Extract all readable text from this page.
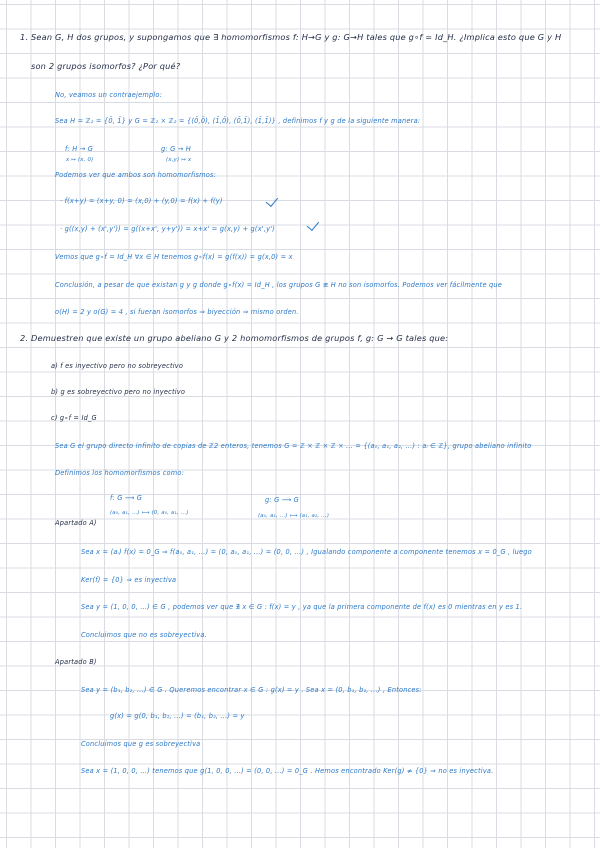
1. Sean G, H dos grupos, y supongamos que ∃ homomorfismos f: H→G y g: G→H tales que g∘f = Id_H. ¿Implica esto que G y H
son 2 grupos isomorfos? ¿Por qué?
No, veamos un contraejemplo:
Sea H = ℤ₂ = {0̄, 1̄} y G = ℤ₂ × ℤ₂ = {(0̄,0̄), (1̄,0̄), (0̄,1̄), (1̄,1̄)} , definimos f y g de la siguiente manera:
f: H → G
x ↦ (x, 0)
g: G → H
(x,y) ↦ x
Podemos ver que ambos son homomorfismos:
· f(x+y) = (x+y, 0) = (x,0) + (y,0) = f(x) + f(y)
· g((x,y) + (x',y')) = g((x+x', y+y')) = x+x' = g(x,y) + g(x',y')
Vemos que g∘f = Id_H ∀x ∈ H tenemos g∘f(x) = g(f(x)) = g(x,0) = x
Conclusión, a pesar de que existan g y g donde g∘f(x) = Id_H , los grupos G ≇ H no son isomorfos. Podemos ver fácilmente que
o(H) = 2 y o(G) = 4 , si fueran isomorfos ⇒ biyección ⇒ mismo orden.
2. Demuestren que existe un grupo abeliano G y 2 homomorfismos de grupos f, g: G → G tales que:
a) f es inyectivo pero no sobreyectivo
b) g es sobreyectivo pero no inyectivo
c) g∘f = Id_G
Sea G el grupo directo infinito de copias de ℤ2 enteros, tenemos G = ℤ × ℤ × ℤ × ... = {(a₀, a₁, a₂, ...) : aᵢ ∈ ℤ}, grupo abeliano infinito
Definimos los homomorfismos como:
f: G ⟶ G
(a₀, a₁, ...) ⟼ (0, a₀, a₁, ...)
g: G ⟶ G
(a₀, a₁, ...) ⟼ (a₁, a₂, ...)
Apartado A)
Sea x = (aᵢ) f(x) = 0_G ⇒ f(a₀, a₁, ...) = (0, a₀, a₁, ...) = (0, 0, ...) , Igualando componente a componente tenemos x = 0_G , luego
Ker(f) = {0} ⇒ es inyectiva
Sea y = (1, 0, 0, ...) ∈ G , podemos ver que ∄ x ∈ G : f(x) = y , ya que la primera componente de f(x) es 0 mientras en y es 1.
Concluimos que no es sobreyectiva.
Apartado B)
Sea y = (b₁, b₂, ...) ∈ G . Queremos encontrar x ∈ G : g(x) = y . Sea x = (0, b₁, b₂, ...) , Entonces:
g(x) = g(0, b₁, b₂, ...) = (b₁, b₂, ...) = y
Concluimos que g es sobreyectiva
Sea x = (1, 0, 0, ...) tenemos que g(1, 0, 0, ...) = (0, 0, ...) = 0_G . Hemos encontrado Ker(g) ≠ {0} ⇒ no es inyectiva.
